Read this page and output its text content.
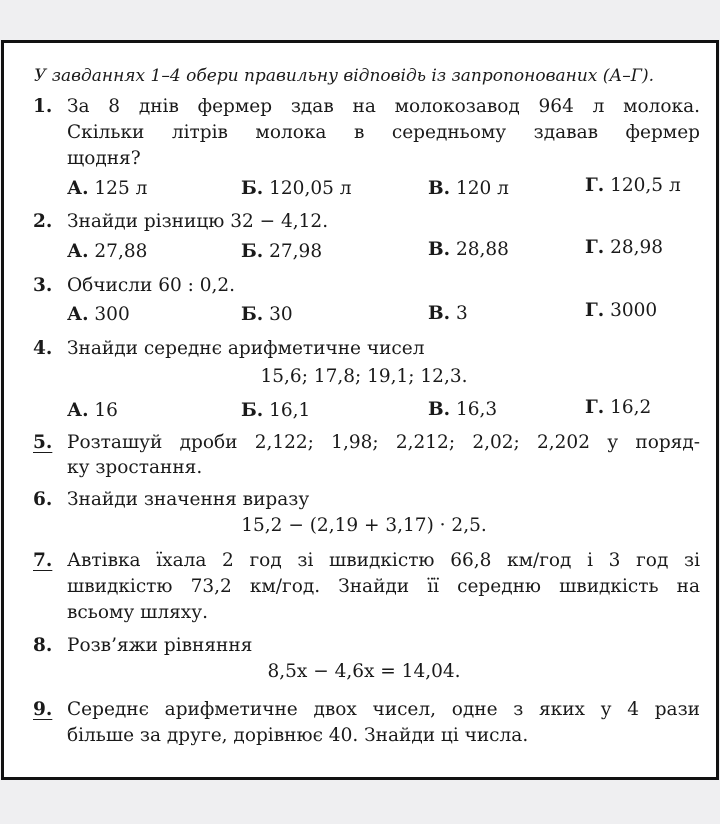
У завданнях 1–4 обери правильну відповідь із запропонованих (А–Г).
1. За 8 днів фермер здав на молокозавод 964 л молока.
Скільки літрів молока в середньому здавав фермер
щодня?
А. 125 л	Б. 120,05 л	В. 120 л	Г. 120,5 л
2. Знайди різницю 32 − 4,12.
А. 27,88	Б. 27,98	В. 28,88	Г. 28,98
3. Обчисли 60 : 0,2.
А. 300	Б. 30	В. 3	Г. 3000
4. Знайди середнє арифметичне чисел
15,6; 17,8; 19,1; 12,3.
А. 16	Б. 16,1	В. 16,3	Г. 16,2
5. Розташуй дроби 2,122; 1,98; 2,212; 2,02; 2,202 у поряд-
ку зростання.
6. Знайди значення виразу
15,2 − (2,19 + 3,17) · 2,5.
7. Автівка їхала 2 год зі швидкістю 66,8 км/год і 3 год зі
швидкістю 73,2 км/год. Знайди її середню швидкість на
всьому шляху.
8. Розв’яжи рівняння
8,5x − 4,6x = 14,04.
9. Середнє арифметичне двох чисел, одне з яких у 4 рази
більше за друге, дорівнює 40. Знайди ці числа.
